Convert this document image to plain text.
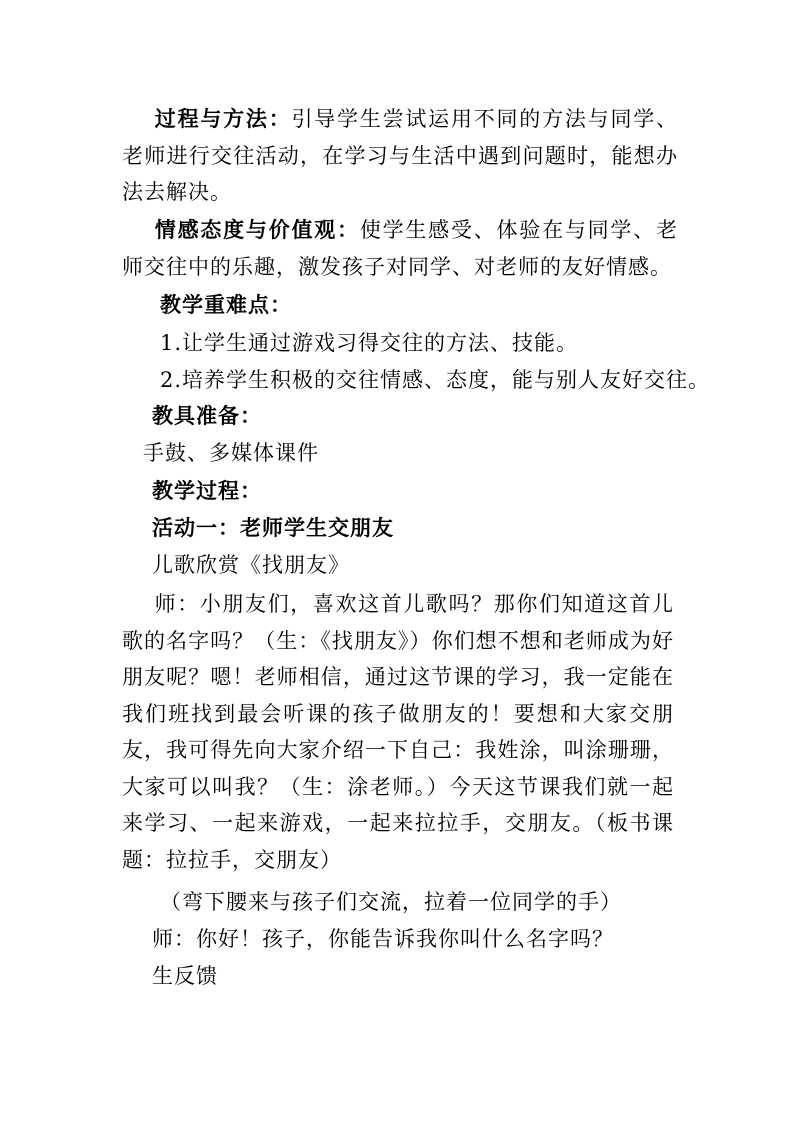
过程与方法：引导学生尝试运用不同的方法与同学、老师进行交往活动，在学习与生活中遇到问题时，能想办法去解决。
情感态度与价值观：使学生感受、体验在与同学、老师交往中的乐趣，激发孩子对同学、对老师的友好情感。
教学重难点：
1.让学生通过游戏习得交往的方法、技能。
2.培养学生积极的交往情感、态度，能与别人友好交往。
教具准备：
手鼓、多媒体课件
教学过程：
活动一：老师学生交朋友
儿歌欣赏《找朋友》
师：小朋友们，喜欢这首儿歌吗？那你们知道这首儿歌的名字吗？（生：《找朋友》）你们想不想和老师成为好朋友呢？嗯！老师相信，通过这节课的学习，我一定能在我们班找到最会听课的孩子做朋友的！要想和大家交朋友，我可得先向大家介绍一下自己：我姓涂，叫涂珊珊，大家可以叫我？（生：涂老师。）今天这节课我们就一起来学习、一起来游戏，一起来拉拉手，交朋友。（板书课题：拉拉手，交朋友）
（弯下腰来与孩子们交流，拉着一位同学的手）
师：你好！孩子，你能告诉我你叫什么名字吗？
生反馈
